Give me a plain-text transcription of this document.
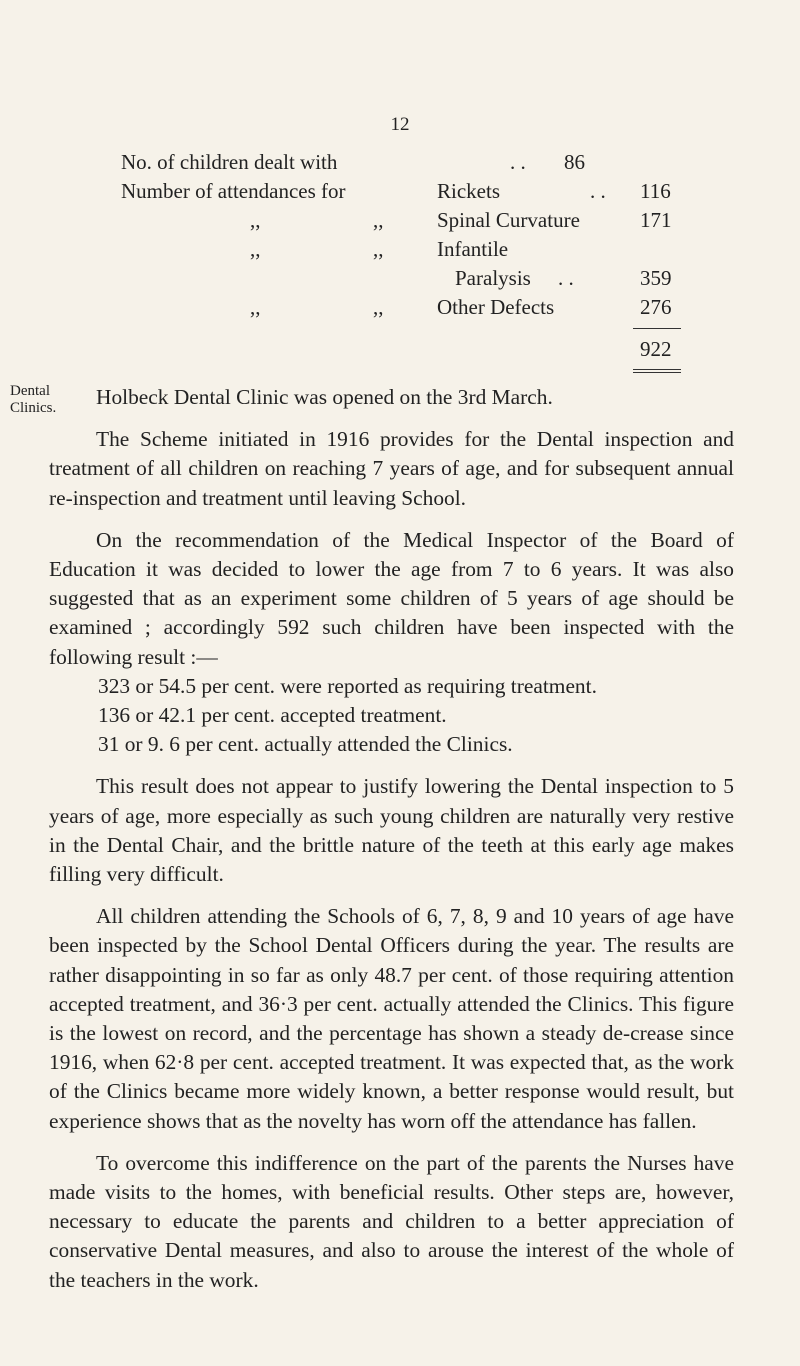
12
No. of children dealt with	. . 86
Number of attendances for	Rickets	. . 116
,,	,,	Spinal Curvature	171
,,	,,	Infantile
Paralysis . .	359
,,	,,	Other Defects	276
922
Dental
Clinics.	Holbeck Dental Clinic was opened on the 3rd March.

The Scheme initiated in 1916 provides for the Dental inspection and treatment of all children on reaching 7 years of age, and for subsequent annual re-inspection and treatment until leaving School.

On the recommendation of the Medical Inspector of the Board of Education it was decided to lower the age from 7 to 6 years. It was also suggested that as an experiment some children of 5 years of age should be examined ; accordingly 592 such children have been inspected with the following result :—

323 or 54.5 per cent. were reported as requiring treatment.

136 or 42.1 per cent. accepted treatment.

31 or 9. 6 per cent. actually attended the Clinics.

This result does not appear to justify lowering the Dental inspection to 5 years of age, more especially as such young children are naturally very restive in the Dental Chair, and the brittle nature of the teeth at this early age makes filling very difficult.

All children attending the Schools of 6, 7, 8, 9 and 10 years of age have been inspected by the School Dental Officers during the year. The results are rather disappointing in so far as only 48.7 per cent. of those requiring attention accepted treatment, and 36·3 per cent. actually attended the Clinics. This figure is the lowest on record, and the percentage has shown a steady de-crease since 1916, when 62·8 per cent. accepted treatment. It was expected that, as the work of the Clinics became more widely known, a better response would result, but experience shows that as the novelty has worn off the attendance has fallen.

To overcome this indifference on the part of the parents the Nurses have made visits to the homes, with beneficial results. Other steps are, however, necessary to educate the parents and children to a better appreciation of conservative Dental measures, and also to arouse the interest of the whole of the teachers in the work.
